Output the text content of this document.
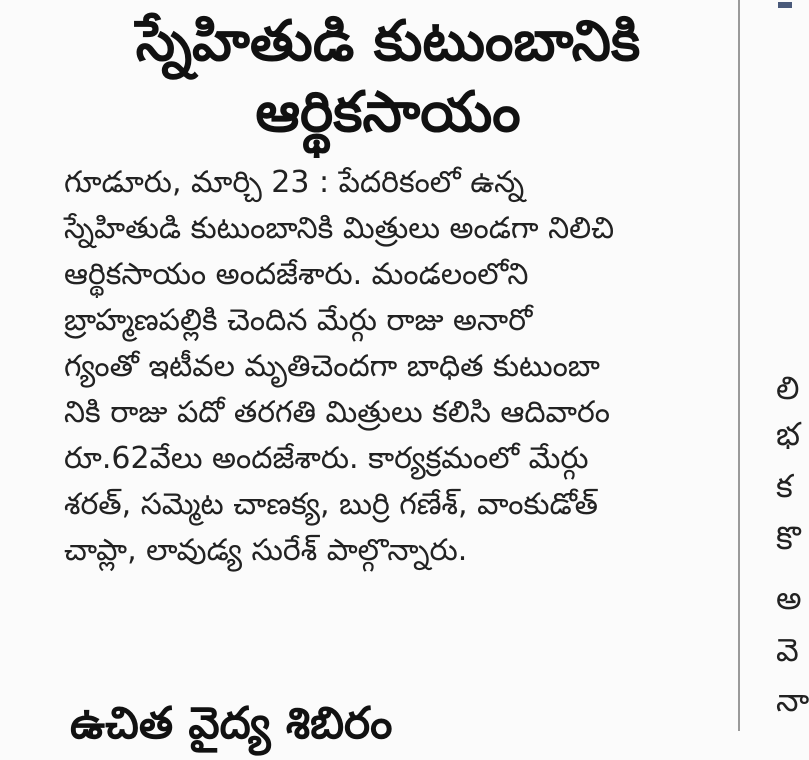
స్నేహితుడి కుటుంబానికి
ఆర్థికసాయం
గూడూరు, మార్చి 23 : పేదరికంలో ఉన్న
స్నేహితుడి కుటుంబానికి మిత్రులు అండగా నిలిచి
ఆర్థికసాయం అందజేశారు. మండలంలోని
బ్రాహ్మణపల్లికి చెందిన మేర్గు రాజు అనారో
గ్యంతో ఇటీవల మృతిచెందగా బాధిత కుటుంబా
నికి రాజు పదో తరగతి మిత్రులు కలిసి ఆదివారం
రూ.62వేలు అందజేశారు. కార్యక్రమంలో మేర్గు
శరత్, సమ్మెట చాణక్య, బుర్రి గణేశ్, వాంకుడోత్
చాప్లా, లావుడ్య సురేశ్ పాల్గొన్నారు.
ఉచిత వైద్య శిబిరం
లి
భ
క
కొ
అ
వె
నా
